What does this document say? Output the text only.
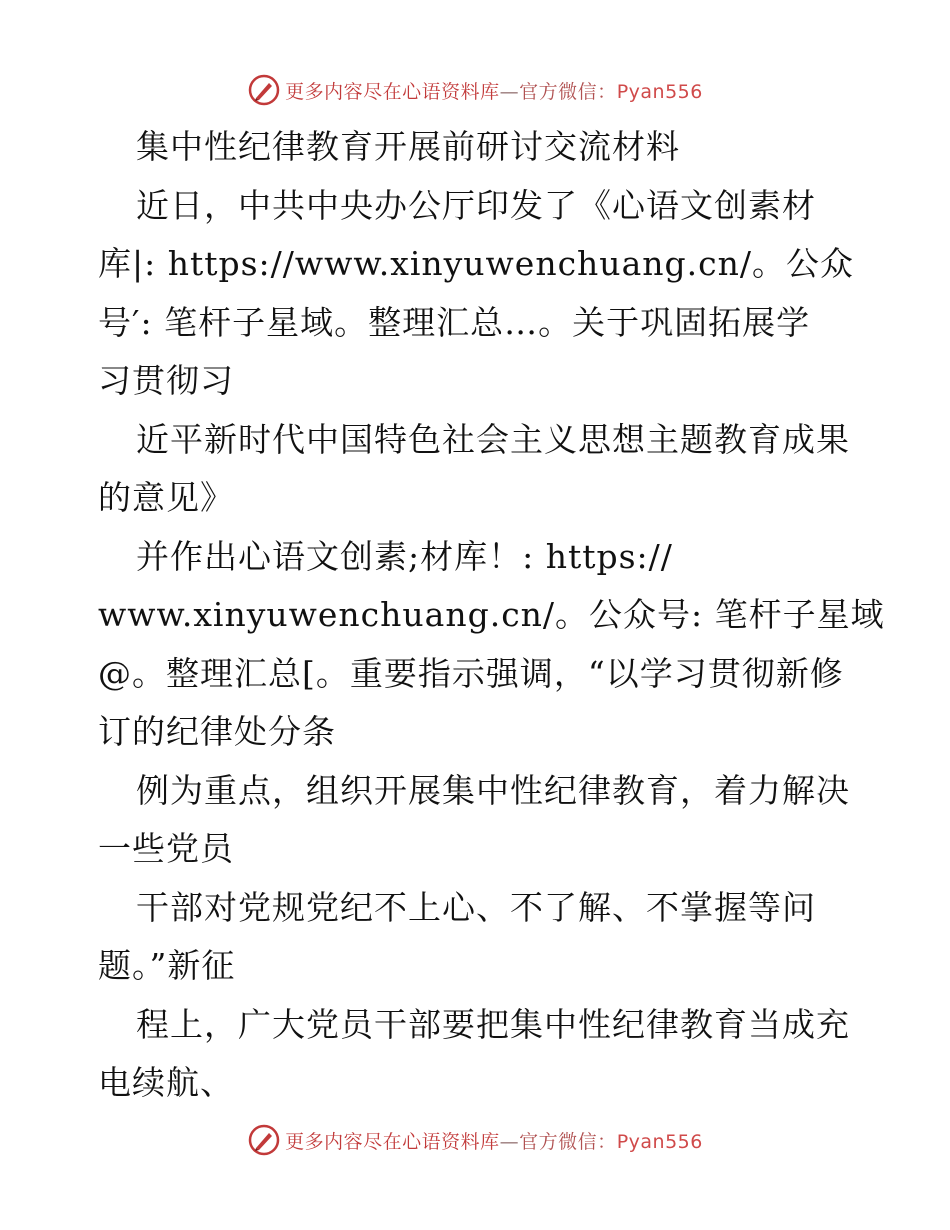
更多内容尽在心语资料库—官方微信：Pyan556
集中性纪律教育开展前研讨交流材料
近日，中共中央办公厅印发了《心语文创素材
库|: https://www.xinyuwenchuang.cn/。公众
号′: 笔杆子星域。整理汇总…。关于巩固拓展学
习贯彻习
近平新时代中国特色社会主义思想主题教育成果
的意见》
并作出心语文创素;材库！: https://
www.xinyuwenchuang.cn/。公众号: 笔杆子星域
@。整理汇总[。重要指示强调，“以学习贯彻新修
订的纪律处分条
例为重点，组织开展集中性纪律教育，着力解决
一些党员
干部对党规党纪不上心、不了解、不掌握等问
题。”新征
程上，广大党员干部要把集中性纪律教育当成充
电续航、
更多内容尽在心语资料库—官方微信：Pyan556
